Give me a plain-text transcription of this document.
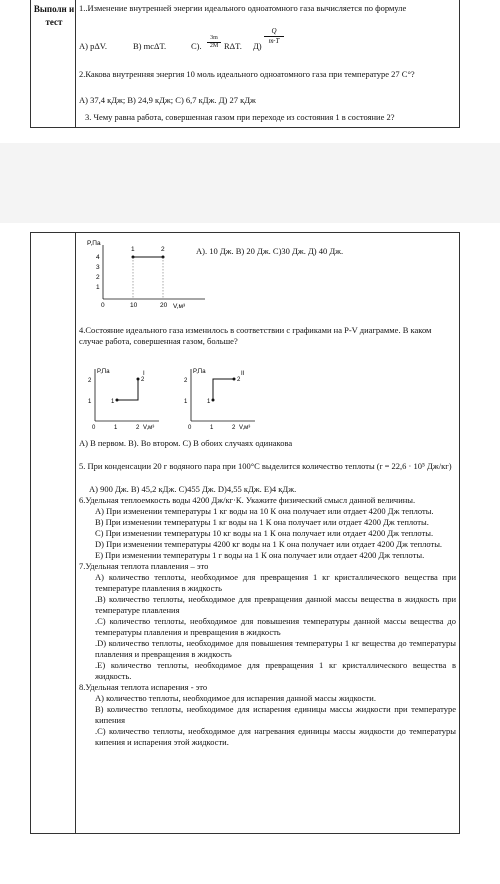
Выполн и тест
1..Изменение внутренней энергии идеального одноатомного газа вычисляется по формуле
А) pΔV.	В) mcΔT.	С). $\frac{3m}{2M} R\Delta T$. $Д) \frac{Q}{m\cdot T}$
2.Какова внутренняя энергия 10 моль идеального одноатомного газа при температуре 27 С°?
А) 37,4 кДж; В) 24,9 кДж; С) 6,7 кДж. Д) 27 кДж
3. Чему равна работа, совершенная газом при переходе из состояния 1 в состояние 2?
P,Па
V,м³
4
3
2
1
0	10	20
1	2	А). 10 Дж. В) 20 Дж. С)30 Дж. Д) 40 Дж.
4.Состояние идеального газа изменилось в соответствии с графиками на P-V диаграмме. В каком случае работа, совершенная газом, больше?
P,Па
V,м³
I
2
1
0	1	2
1
2
P,Па
V,м³
II
2
1
0	1	2
1
2
А) В первом. В). Во втором. С) В обоих случаях одинакова
5. При конденсации 20 г водяного пара при 100°С выделится количество теплоты (r = 22,6 · 10⁵ Дж/кг)
А) 900 Дж. В) 45,2 кДж. С)455 Дж. D)4,55 кДж. Е)4 кДж.
6.Удельная теплоемкость воды 4200 Дж/кг·К. Укажите физический смысл данной величины.
А) При изменении температуры 1 кг воды на 10 К она получает или отдает 4200 Дж теплоты.
В) При изменении температуры 1 кг воды на 1 К она получает или отдает 4200 Дж теплоты.
С) При изменении температуры 10 кг воды на 1 К она получает или отдает 4200 Дж теплоты.
D) При изменении температуры 4200 кг воды на 1 К она получает или отдает 4200 Дж теплоты.
Е) При изменении температуры 1 г воды на 1 К она получает или отдает 4200 Дж теплоты.
7.Удельная теплота плавления – это
А) количество теплоты, необходимое для превращения 1 кг кристаллического вещества при температуре плавления в жидкость
.В) количество теплоты, необходимое для превращения данной массы вещества в жидкость при температуре плавления
.С) количество теплоты, необходимое для повышения температуры данной массы вещества до температуры плавления и превращения в жидкость
.D) количество теплоты, необходимое для повышения температуры 1 кг вещества до температуры плавления и превращения в жидкость
.Е) количество теплоты, необходимое для превращения 1 кг кристаллического вещества в жидкость.
8.Удельная теплота испарения - это
А) количество теплоты, необходимое для испарения данной массы жидкости.
В) количество теплоты, необходимое для испарения единицы массы жидкости при температуре кипения
.С) количество теплоты, необходимое для нагревания единицы массы жидкости до температуры кипения и испарения этой жидкости.
